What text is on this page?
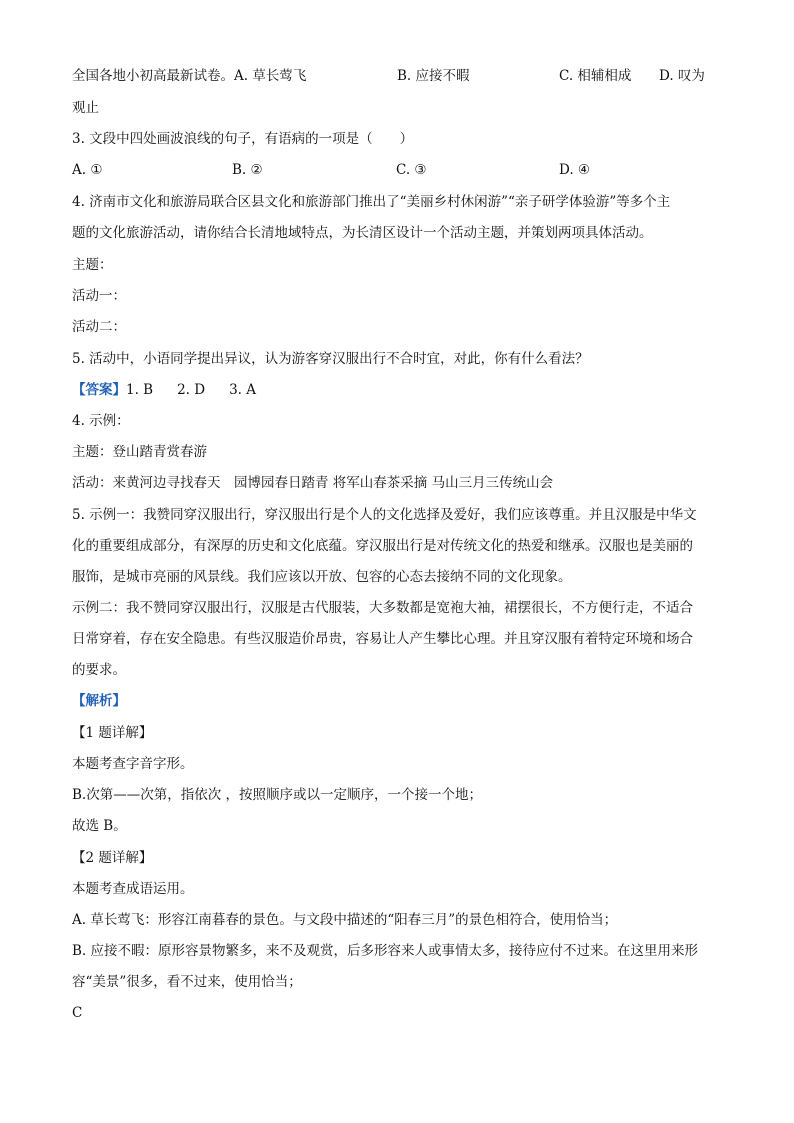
全国各地小初高最新试卷。A. 草长莺飞	B. 应接不暇	C. 相辅相成 D. 叹为
观止
3. 文段中四处画波浪线的句子，有语病的一项是（　　）
A. ①	B. ②	C. ③	D. ④
4. 济南市文化和旅游局联合区县文化和旅游部门推出了“美丽乡村休闲游”“亲子研学体验游”等多个主
题的文化旅游活动，请你结合长清地域特点，为长清区设计一个活动主题，并策划两项具体活动。
主题：
活动一：
活动二：
5. 活动中，小语同学提出异议，认为游客穿汉服出行不合时宜，对此，你有什么看法？
【答案】1. B 2. D 3. A
4. 示例：
主题：登山踏青赏春游
活动：来黄河边寻找春天　园博园春日踏青 将军山春茶采摘 马山三月三传统山会
5. 示例一：我赞同穿汉服出行，穿汉服出行是个人的文化选择及爱好，我们应该尊重。并且汉服是中华文
化的重要组成部分，有深厚的历史和文化底蕴。穿汉服出行是对传统文化的热爱和继承。汉服也是美丽的
服饰，是城市亮丽的风景线。我们应该以开放、包容的心态去接纳不同的文化现象。
示例二：我不赞同穿汉服出行，汉服是古代服装，大多数都是宽袍大袖，裙摆很长，不方便行走，不适合
日常穿着，存在安全隐患。有些汉服造价昂贵，容易让人产生攀比心理。并且穿汉服有着特定环境和场合
的要求。
【解析】
【1 题详解】
本题考查字音字形。
B.次第——次第，指依次 ，按照顺序或以一定顺序，一个接一个地；
故选 B。
【2 题详解】
本题考查成语运用。
A. 草长莺飞：形容江南暮春的景色。与文段中描述的“阳春三月”的景色相符合，使用恰当；
B. 应接不暇：原形容景物繁多，来不及观赏，后多形容来人或事情太多，接待应付不过来。在这里用来形
容“美景”很多，看不过来，使用恰当；
C
